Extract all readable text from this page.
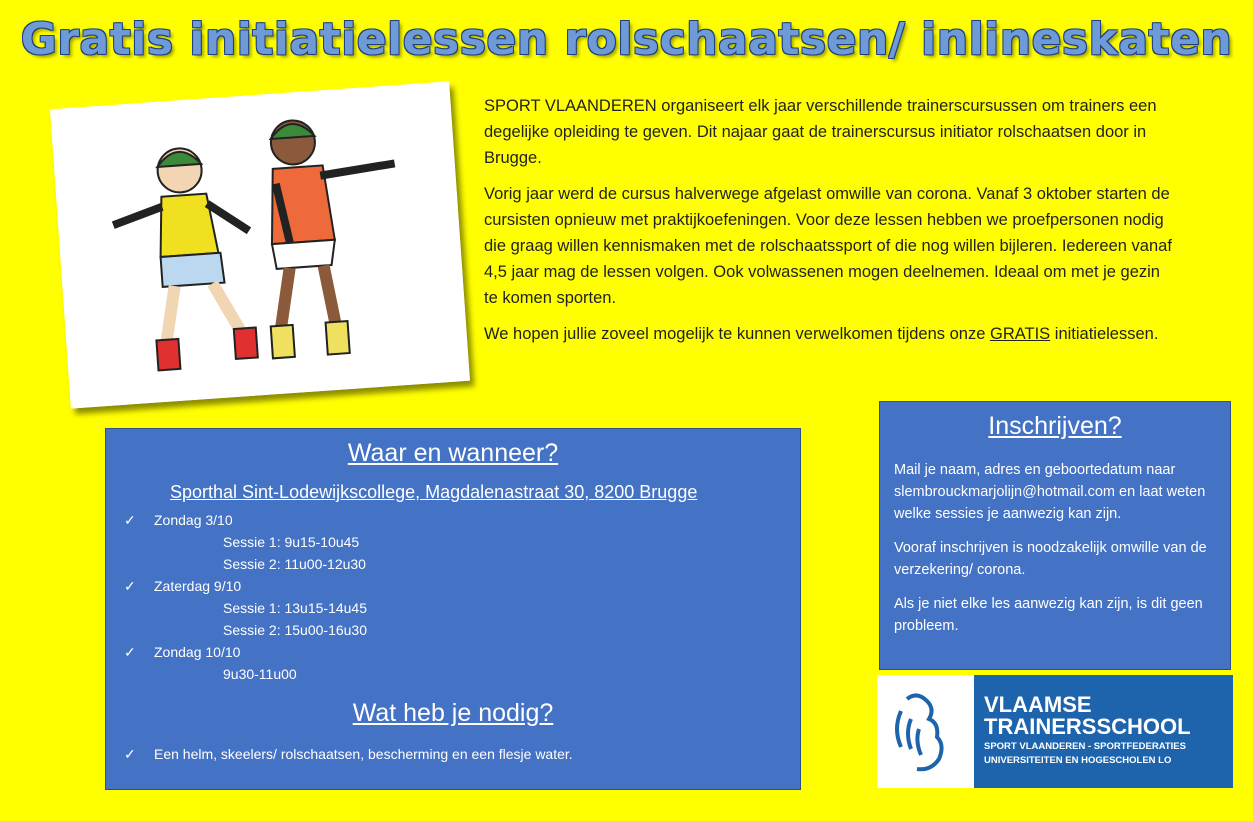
Gratis initiatielessen rolschaatsen/ inlineskaten

SPORT VLAANDEREN organiseert elk jaar verschillende trainerscursussen om trainers een degelijke opleiding te geven. Dit najaar gaat de trainerscursus initiator rolschaatsen door in Brugge.

Vorig jaar werd de cursus halverwege afgelast omwille van corona. Vanaf 3 oktober starten de cursisten opnieuw met praktijkoefeningen. Voor deze lessen hebben we proefpersonen nodig die graag willen kennismaken met de rolschaatssport of die nog willen bijleren. Iedereen vanaf 4,5 jaar mag de lessen volgen. Ook volwassenen mogen deelnemen. Ideaal om met je gezin te komen sporten.

We hopen jullie zoveel mogelijk te kunnen verwelkomen tijdens onze GRATIS initiatielessen.

Waar en wanneer?
Sporthal Sint-Lodewijkscollege, Magdalenastraat 30, 8200 Brugge
✓ Zondag 3/10
Sessie 1: 9u15-10u45
Sessie 2: 11u00-12u30
✓ Zaterdag 9/10
Sessie 1: 13u15-14u45
Sessie 2: 15u00-16u30
✓ Zondag 10/10
9u30-11u00
Wat heb je nodig?
✓ Een helm, skeelers/ rolschaatsen, bescherming en een flesje water.
Inschrijven?

Mail je naam, adres en geboortedatum naar slembrouckmarjolijn@hotmail.com en laat weten welke sessies je aanwezig kan zijn.

Vooraf inschrijven is noodzakelijk omwille van de verzekering/ corona.

Als je niet elke les aanwezig kan zijn, is dit geen probleem.

VLAAMSE
TRAINERSSCHOOL
SPORT VLAANDEREN - SPORTFEDERATIES
UNIVERSITEITEN EN HOGESCHOLEN LO
